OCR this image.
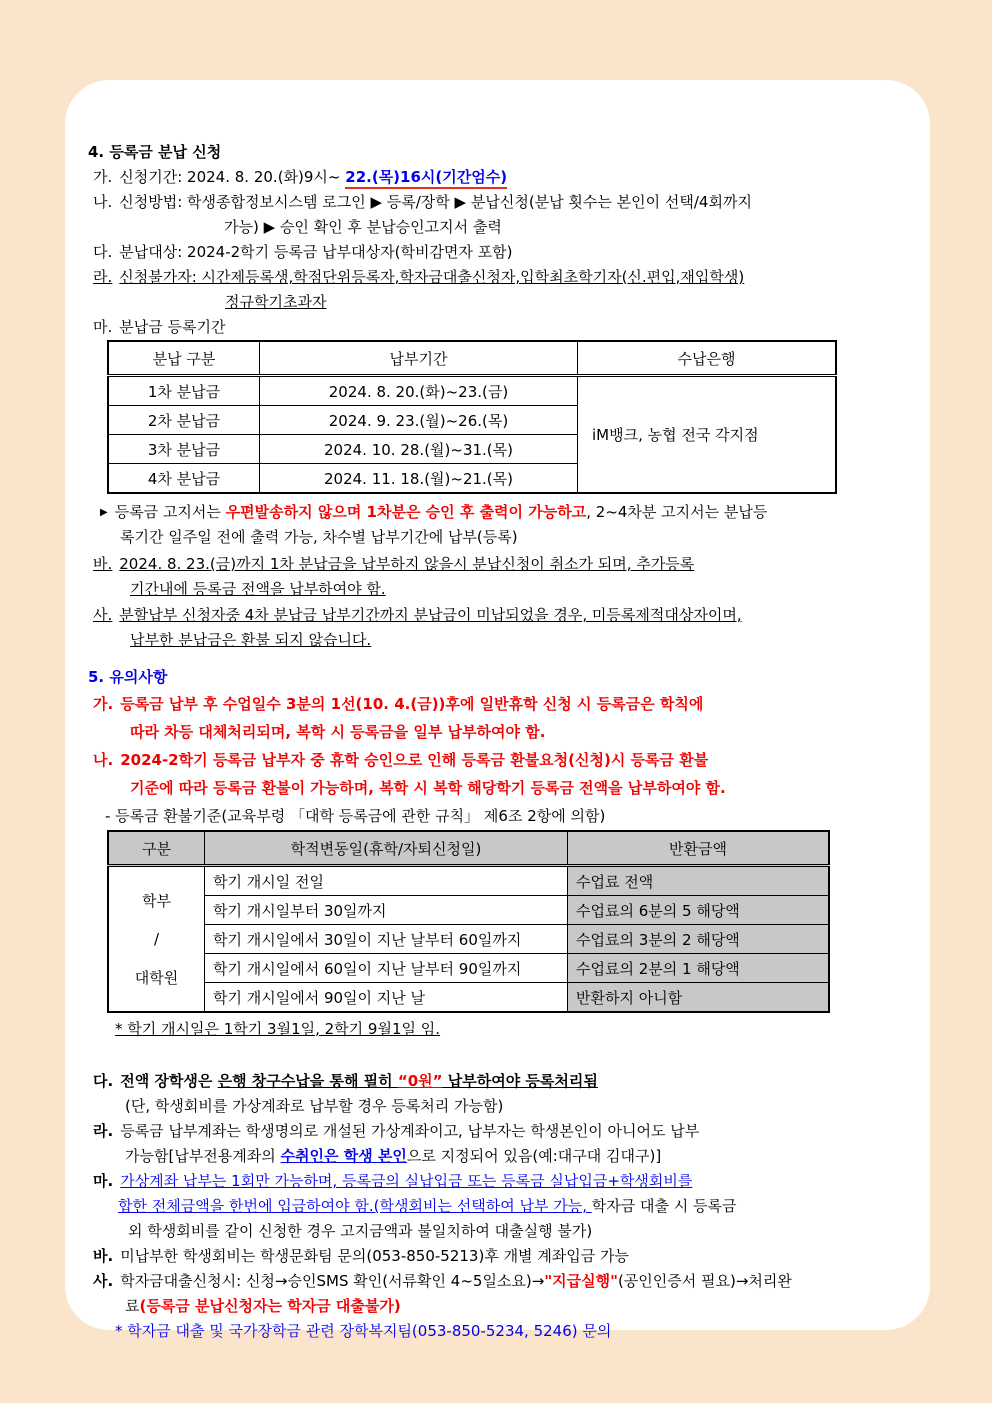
4. 등록금 분납 신청
가. 신청기간: 2024. 8. 20.(화)9시~ 22.(목)16시(기간엄수)
나. 신청방법: 학생종합정보시스템 로그인 ▶ 등록/장학 ▶ 분납신청(분납 횟수는 본인이 선택/4회까지
가능) ▶ 승인 확인 후 분납승인고지서 출력
다. 분납대상: 2024-2학기 등록금 납부대상자(학비감면자 포함)
라. 신청불가자: 시간제등록생,학점단위등록자,학자금대출신청자,입학최초학기자(신.편입,재입학생)
정규학기초과자
마. 분납금 등록기간
분납 구분	납부기간	수납은행
1차 분납금	2024. 8. 20.(화)~23.(금)	iM뱅크, 농협 전국 각지점
2차 분납금	2024. 9. 23.(월)~26.(목)	
3차 분납금	2024. 10. 28.(월)~31.(목)	
4차 분납금	2024. 11. 18.(월)~21.(목)	
▶ 등록금 고지서는 우편발송하지 않으며 1차분은 승인 후 출력이 가능하고, 2~4차분 고지서는 분납등
록기간 일주일 전에 출력 가능, 차수별 납부기간에 납부(등록)
바. 2024. 8. 23.(금)까지 1차 분납금을 납부하지 않을시 분납신청이 취소가 되며, 추가등록
기간내에 등록금 전액을 납부하여야 함.
사. 분할납부 신청자중 4차 분납금 납부기간까지 분납금이 미납되었을 경우, 미등록제적대상자이며,
납부한 분납금은 환불 되지 않습니다.
5. 유의사항
가. 등록금 납부 후 수업일수 3분의 1선(10. 4.(금))후에 일반휴학 신청 시 등록금은 학칙에
따라 차등 대체처리되며, 복학 시 등록금을 일부 납부하여야 함.
나. 2024-2학기 등록금 납부자 중 휴학 승인으로 인해 등록금 환불요청(신청)시 등록금 환불
기준에 따라 등록금 환불이 가능하며, 복학 시 복학 해당학기 등록금 전액을 납부하여야 함.
- 등록금 환불기준(교육부령 「대학 등록금에 관한 규칙」 제6조 2항에 의함)
구분	학적변동일(휴학/자퇴신청일)	반환금액

학부
/
대학원	학기 개시일 전일	수업료 전액
	학기 개시일부터 30일까지	수업료의 6분의 5 해당액
	학기 개시일에서 30일이 지난 날부터 60일까지	수업료의 3분의 2 해당액
	학기 개시일에서 60일이 지난 날부터 90일까지	수업료의 2분의 1 해당액
	학기 개시일에서 90일이 지난 날	반환하지 아니함
* 학기 개시일은 1학기 3월1일, 2학기 9월1일 임.
다. 전액 장학생은 은행 창구수납을 통해 필히 “0원” 납부하여야 등록처리됨
(단, 학생회비를 가상계좌로 납부할 경우 등록처리 가능함)
라. 등록금 납부계좌는 학생명의로 개설된 가상계좌이고, 납부자는 학생본인이 아니어도 납부
가능함[납부전용계좌의 수취인은 학생 본인으로 지정되어 있음(예:대구대 김대구)]
마. 가상계좌 납부는 1회만 가능하며, 등록금의 실납입금 또는 등록금 실납입금+학생회비를
합한 전체금액을 한번에 입금하여야 함.(학생회비는 선택하여 납부 가능, 학자금 대출 시 등록금
외 학생회비를 같이 신청한 경우 고지금액과 불일치하여 대출실행 불가)
바. 미납부한 학생회비는 학생문화팀 문의(053-850-5213)후 개별 계좌입금 가능
사. 학자금대출신청시: 신청→승인SMS 확인(서류확인 4~5일소요)→"지급실행"(공인인증서 필요)→처리완
료(등록금 분납신청자는 학자금 대출불가)
* 학자금 대출 및 국가장학금 관련 장학복지팀(053-850-5234, 5246) 문의
